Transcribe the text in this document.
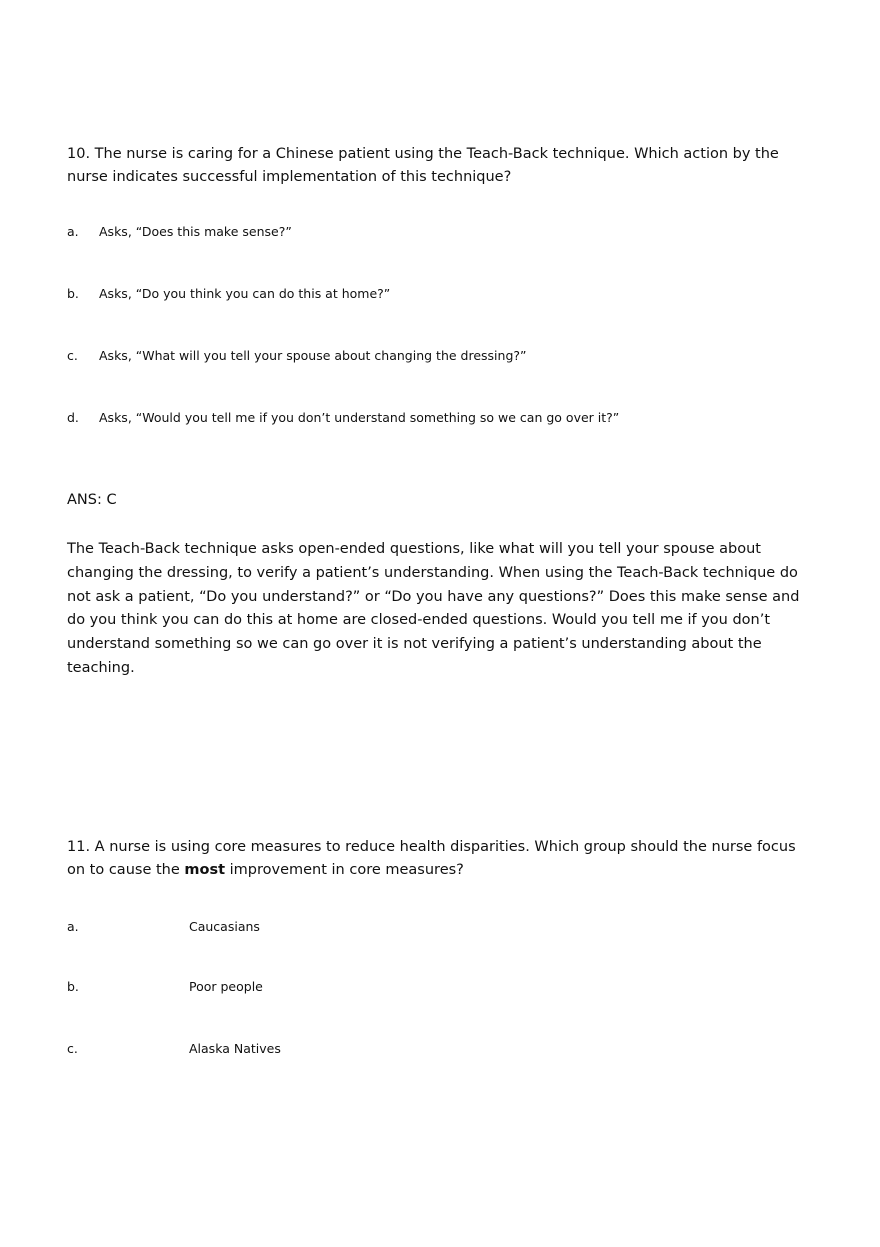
10. The nurse is caring for a Chinese patient using the Teach-Back technique. Which action by the nurse indicates successful implementation of this technique?
a. Asks, “Does this make sense?”
b. Asks, “Do you think you can do this at home?”
c. Asks, “What will you tell your spouse about changing the dressing?”
d. Asks, “Would you tell me if you don’t understand something so we can go over it?”
ANS: C
The Teach-Back technique asks open-ended questions, like what will you tell your spouse about changing the dressing, to verify a patient’s understanding. When using the Teach-Back technique do not ask a patient, “Do you understand?” or “Do you have any questions?” Does this make sense and do you think you can do this at home are closed-ended questions. Would you tell me if you don’t understand something so we can go over it is not verifying a patient’s understanding about the teaching.
11. A nurse is using core measures to reduce health disparities. Which group should the nurse focus on to cause the most improvement in core measures?
a.	Caucasians
b.	Poor people
c.	Alaska Natives
